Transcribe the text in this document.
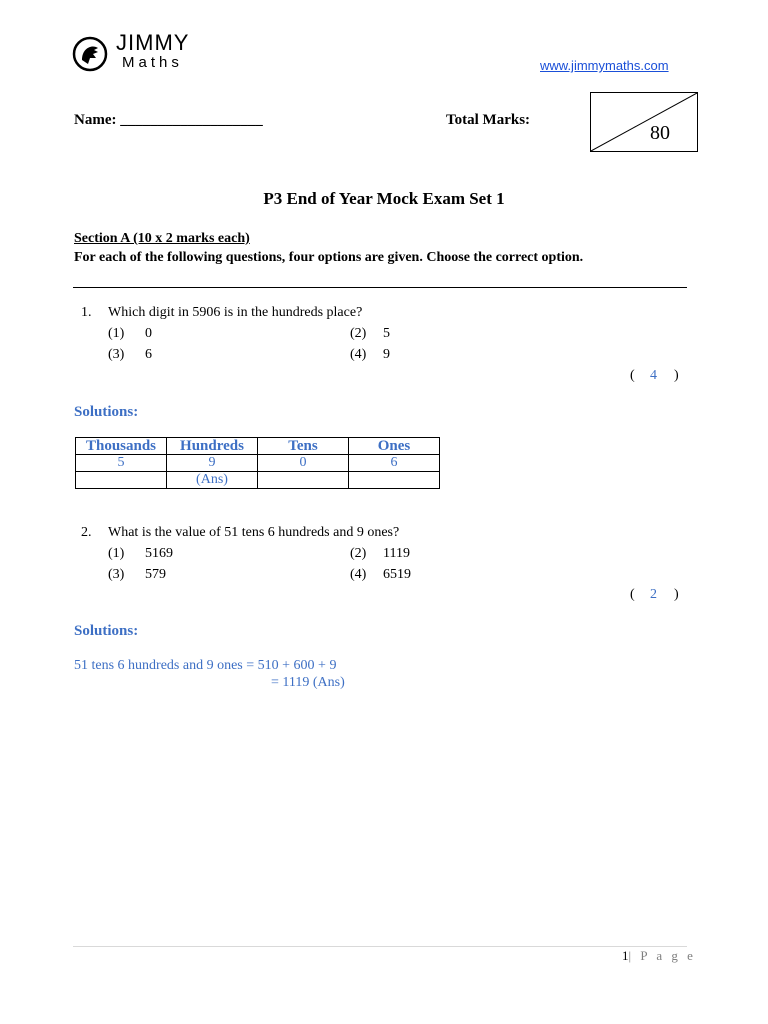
JIMMY
Maths	www.jimmymaths.com
Name: ___________________	Total Marks:
80
P3 End of Year Mock Exam Set 1
Section A (10 x 2 marks each)
For each of the following questions, four options are given. Choose the correct option.
1. Which digit in 5906 is in the hundreds place?
(1) 0	(2) 5
(3) 6	(4) 9
( 4 )
Solutions:
Thousands	Hundreds	Tens	Ones
5	9	0	6
	(Ans)		
2. What is the value of 51 tens 6 hundreds and 9 ones?
(1) 5169	(2) 1119
(3) 579	(4) 6519
( 2 )
Solutions:
51 tens 6 hundreds and 9 ones = 510 + 600 + 9
= 1119 (Ans)
1| P a g e
